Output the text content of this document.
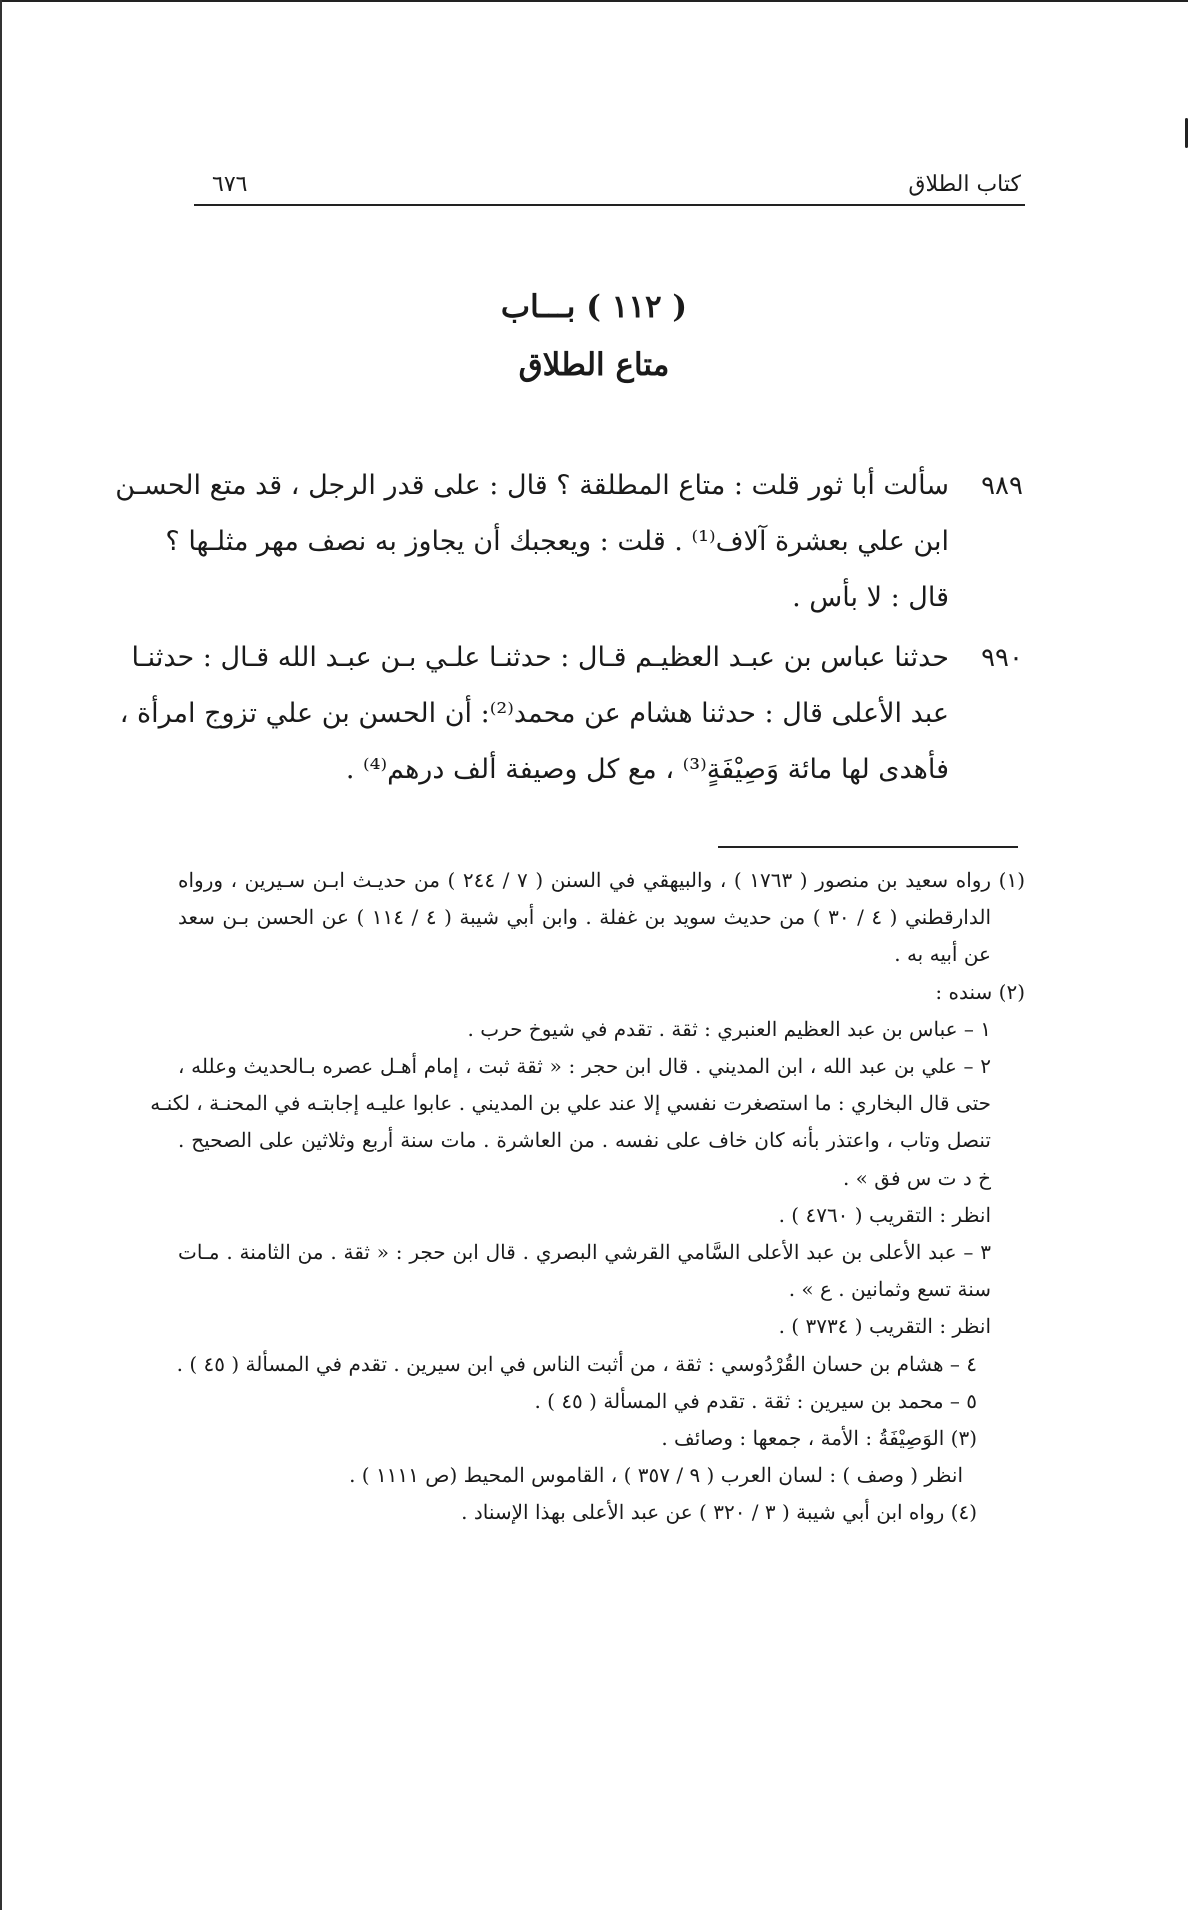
كتاب الطلاق
٦٧٦
( ١١٢ ) بـــاب
متاع الطلاق
٩٨٩
سألت أبا ثور قلت : متاع المطلقة ؟ قال : على قدر الرجل ، قد متع الحسـن
ابن علي بعشرة آلاف⁽¹⁾ . قلت : ويعجبك أن يجاوز به نصف مهر مثلـها ؟
قال : لا بأس .
٩٩٠
حدثنا عباس بن عبـد العظيـم قـال : حدثنـا علـي بـن عبـد الله قـال : حدثنـا
عبد الأعلى قال : حدثنا هشام عن محمد⁽²⁾: أن الحسن بن علي تزوج امرأة ،
فأهدى لها مائة وَصِيْفَةٍ⁽³⁾ ، مع كل وصيفة ألف درهم⁽⁴⁾ .
(١) رواه سعيد بن منصور ( ١٧٦٣ ) ، والبيهقي في السنن ( ٧ / ٢٤٤ ) من حديـث ابـن سـيرين ، ورواه
الدارقطني ( ٤ / ٣٠ ) من حديث سويد بن غفلة . وابن أبي شيبة ( ٤ / ١١٤ ) عن الحسن بـن سعد
عن أبيه به .
(٢) سنده :
١ – عباس بن عبد العظيم العنبري : ثقة . تقدم في شيوخ حرب .
٢ – علي بن عبد الله ، ابن المديني . قال ابن حجر : « ثقة ثبت ، إمام أهـل عصره بـالحديث وعلله ،
حتى قال البخاري : ما استصغرت نفسي إلا عند علي بن المديني . عابوا عليـه إجابتـه في المحنـة ، لكنـه
تنصل وتاب ، واعتذر بأنه كان خاف على نفسه . من العاشرة . مات سنة أربع وثلاثين على الصحيح .
خ د ت س فق » .
انظر : التقريب ( ٤٧٦٠ ) .
٣ – عبد الأعلى بن عبد الأعلى السَّامي القرشي البصري . قال ابن حجر : « ثقة . من الثامنة . مـات
سنة تسع وثمانين . ع » .
انظر : التقريب ( ٣٧٣٤ ) .
٤ – هشام بن حسان القُرْدُوسي : ثقة ، من أثبت الناس في ابن سيرين . تقدم في المسألة ( ٤٥ ) .
٥ – محمد بن سيرين : ثقة . تقدم في المسألة ( ٤٥ ) .
(٣) الوَصِيْفَةُ : الأمة ، جمعها : وصائف .
انظر ( وصف ) : لسان العرب ( ٩ / ٣٥٧ ) ، القاموس المحيط (ص ١١١١ ) .
(٤) رواه ابن أبي شيبة ( ٣ / ٣٢٠ ) عن عبد الأعلى بهذا الإسناد .
